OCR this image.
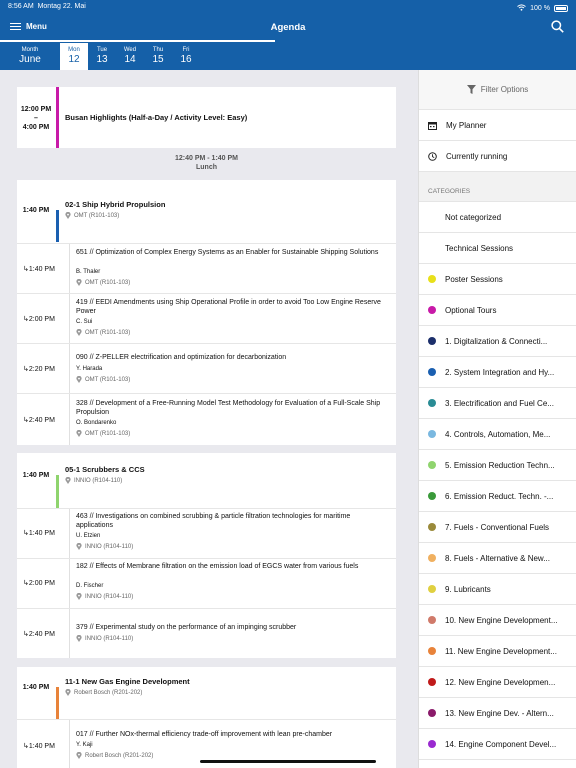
8:56 AM Montag 22. Mai	100 %
Menu	Agenda
Month
June
Mon
12
Tue
13
Wed
14
Thu
15
Fri
16
12:00 PM
–
4:00 PM
Busan Highlights (Half-a-Day / Activity Level: Easy)
12:40 PM - 1:40 PM
Lunch
1:40 PM
02-1 Ship Hybrid Propulsion
OMT (R101-103)
↳1:40 PM
651 // Optimization of Complex Energy Systems as an Enabler for Sustainable Shipping Solutions
B. Thaler
OMT (R101-103)
↳2:00 PM
419 // EEDI Amendments using Ship Operational Profile in order to avoid Too Low Engine Reserve Power
C. Sui
OMT (R101-103)
↳2:20 PM
090 // Z-PELLER electrification and optimization for decarbonization
Y. Harada
OMT (R101-103)
↳2:40 PM
328 // Development of a Free-Running Model Test Methodology for Evaluation of a Full-Scale Ship Propulsion
O. Bondarenko
OMT (R101-103)
1:40 PM
05-1 Scrubbers & CCS
INNIO (R104-110)
↳1:40 PM
463 // Investigations on combined scrubbing & particle filtration technologies for maritime applications
U. Etzien
INNIO (R104-110)
↳2:00 PM
182 // Effects of Membrane filtration on the emission load of EGCS water from various fuels
D. Fischer
INNIO (R104-110)
↳2:40 PM
379 // Experimental study on the performance of an impinging scrubber
INNIO (R104-110)
1:40 PM
11-1 New Gas Engine Development
Robert Bosch (R201-202)
↳1:40 PM
017 // Further NOx-thermal efficiency trade-off improvement with lean pre-chamber
Y. Kaji
Robert Bosch (R201-202)
Filter Options
My Planner
Currently running
CATEGORIES
Not categorized
Technical Sessions
Poster Sessions
Optional Tours
1. Digitalization & Connecti...
2. System Integration and Hy...
3. Electrification and Fuel Ce...
4. Controls, Automation, Me...
5. Emission Reduction Techn...
6. Emission Reduct. Techn. -...
7. Fuels - Conventional Fuels
8. Fuels - Alternative & New...
9. Lubricants
10. New Engine Development...
11. New Engine Development...
12. New Engine Developmen...
13. New Engine Dev. - Altern...
14. Engine Component Devel...
